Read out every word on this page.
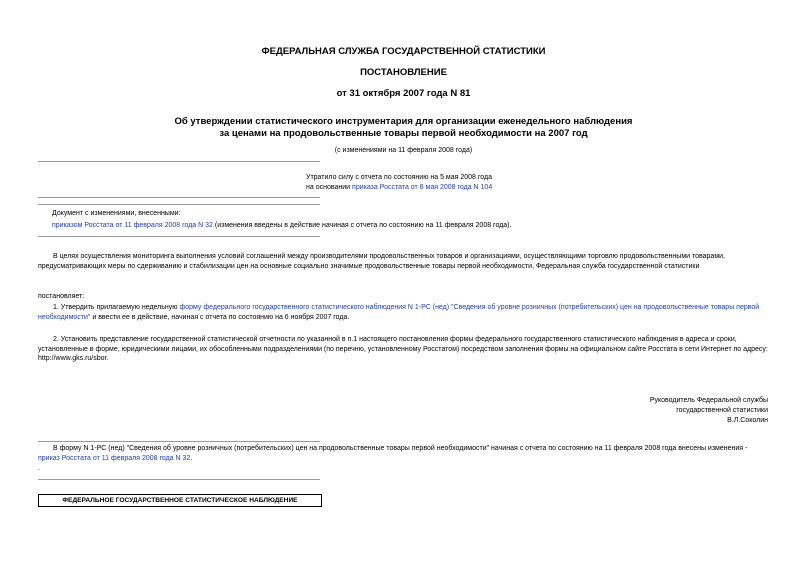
ФЕДЕРАЛЬНАЯ СЛУЖБА ГОСУДАРСТВЕННОЙ СТАТИСТИКИ
ПОСТАНОВЛЕНИЕ
от 31 октября 2007 года N 81
Об утверждении статистического инструментария для организации еженедельного наблюдения
за ценами на продовольственные товары первой необходимости на 2007 год
(с изменениями на 11 февраля 2008 года)
Утратило силу с отчета по состоянию на 5 мая 2008 года
на основании приказа Росстата от 8 мая 2008 года N 104
Документ с изменениями, внесенными:
приказом Росстата от 11 февраля 2008 года N 32 (изменения введены в действие начиная с отчета по состоянию на 11 февраля 2008 года).
В целях осуществления мониторинга выполнения условий соглашений между производителями продовольственных товаров и организациями, осуществляющими торговлю продовольственными товарами, предусматривающих меры по сдерживанию и стабилизации цен на основные социально значимые продовольственные товары первой необходимости, Федеральная служба государственной статистики
постановляет:
1. Утвердить прилагаемую недельную форму федерального государственного статистического наблюдения N 1-РС (нед) "Сведения об уровне розничных (потребительских) цен на продовольственные товары первой необходимости" и ввести ее в действие, начиная с отчета по состоянию на 6 ноября 2007 года.
2. Установить представление государственной статистической отчетности по указанной в п.1 настоящего постановления формы федерального государственного статистического наблюдения в адреса и сроки, установленные в форме, юридическими лицами, их обособленными подразделениями (по перечню, установленному Росстатом) посредством заполнения формы на официальном сайте Росстата в сети Интернет по адресу: http://www.gks.ru/sbor.
Руководитель Федеральной службы
государственной статистики
В.Л.Соколин
В форму N 1-РС (нед) "Сведения об уровне розничных (потребительских) цен на продовольственные товары первой необходимости" начиная с отчета по состоянию на 11 февраля 2008 года внесены изменения - приказ Росстата от 11 февраля 2008 года N 32.
.
ФЕДЕРАЛЬНОЕ ГОСУДАРСТВЕННОЕ СТАТИСТИЧЕСКОЕ НАБЛЮДЕНИЕ
